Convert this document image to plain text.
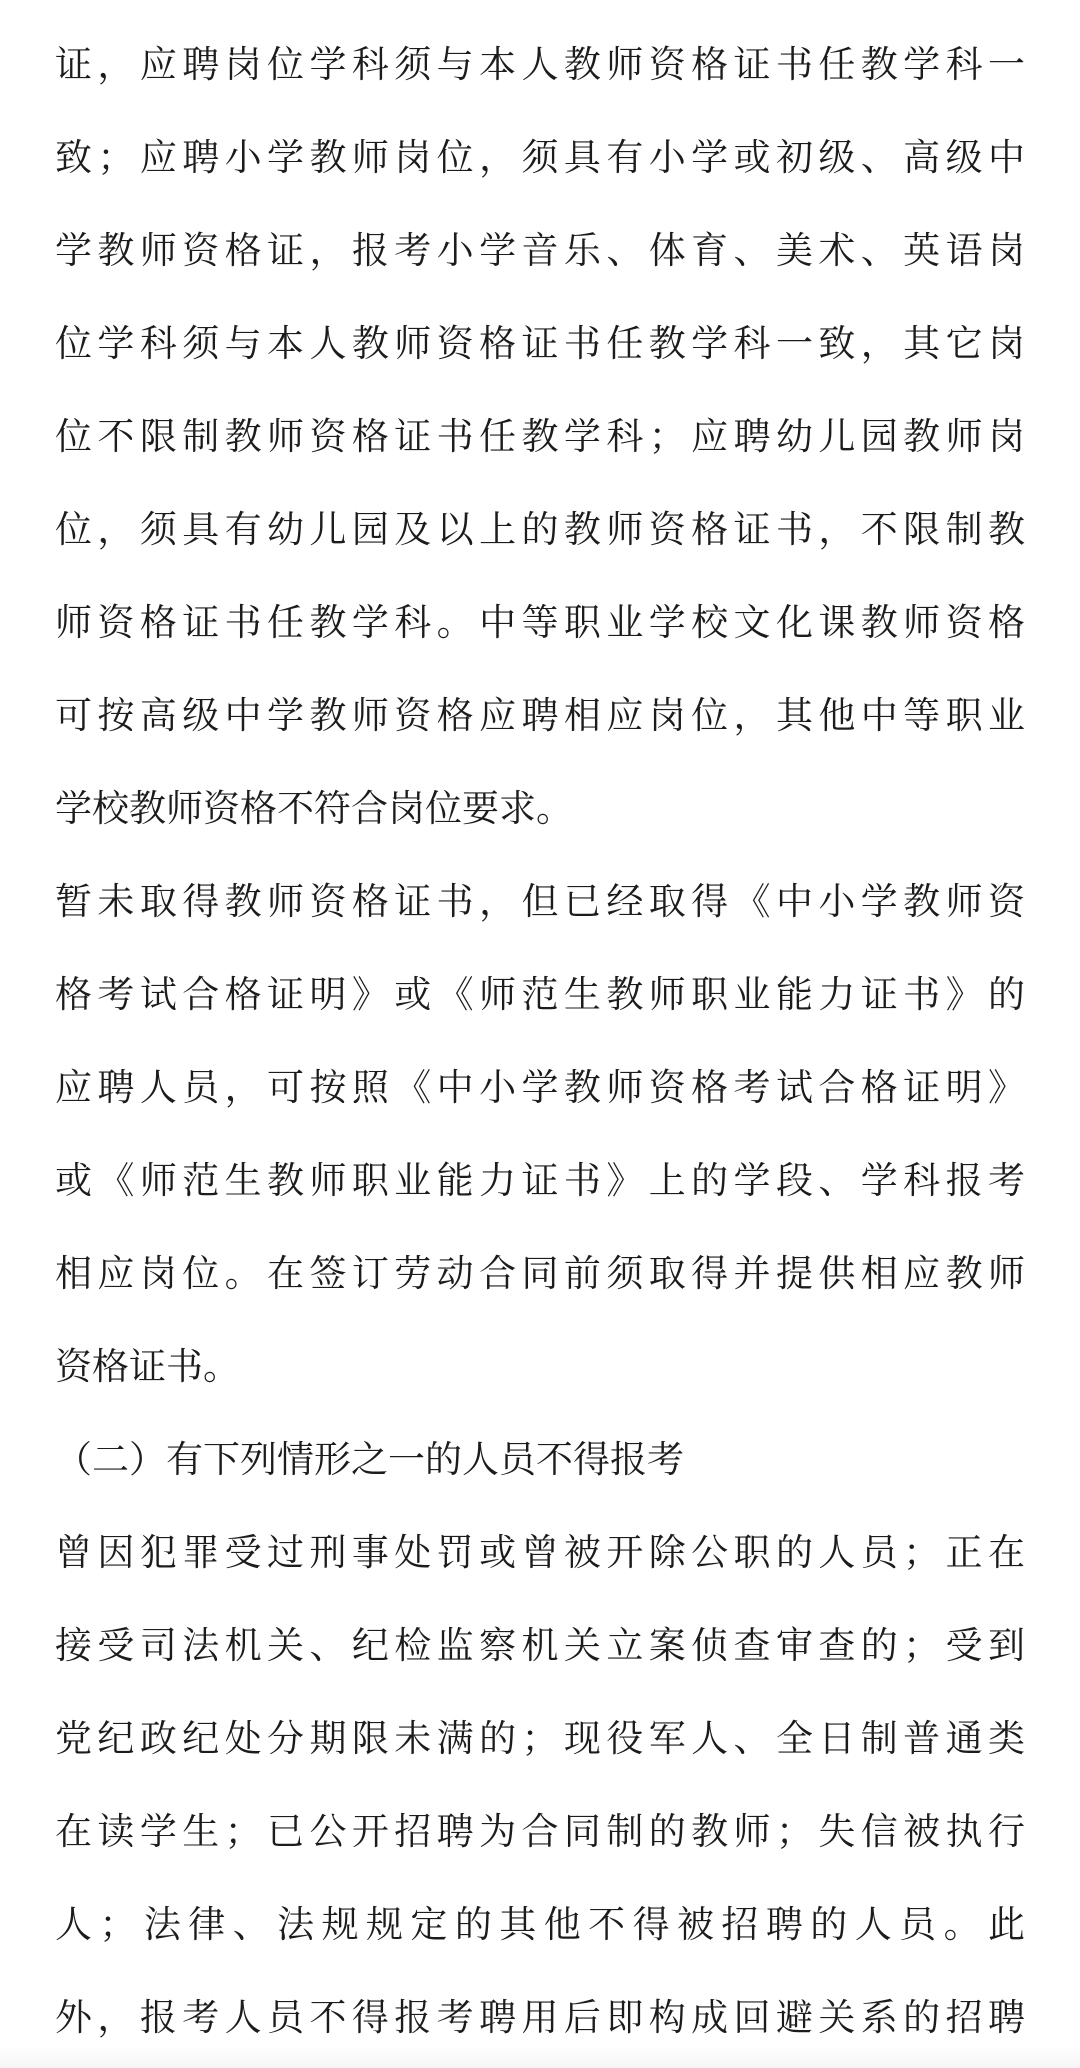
证，应聘岗位学科须与本人教师资格证书任教学科一
致；应聘小学教师岗位，须具有小学或初级、高级中
学教师资格证，报考小学音乐、体育、美术、英语岗
位学科须与本人教师资格证书任教学科一致，其它岗
位不限制教师资格证书任教学科；应聘幼儿园教师岗
位，须具有幼儿园及以上的教师资格证书，不限制教
师资格证书任教学科。中等职业学校文化课教师资格
可按高级中学教师资格应聘相应岗位，其他中等职业
学校教师资格不符合岗位要求。
暂未取得教师资格证书，但已经取得《中小学教师资
格考试合格证明》或《师范生教师职业能力证书》的
应聘人员，可按照《中小学教师资格考试合格证明》
或《师范生教师职业能力证书》上的学段、学科报考
相应岗位。在签订劳动合同前须取得并提供相应教师
资格证书。
（二）有下列情形之一的人员不得报考
曾因犯罪受过刑事处罚或曾被开除公职的人员；正在
接受司法机关、纪检监察机关立案侦查审查的；受到
党纪政纪处分期限未满的；现役军人、全日制普通类
在读学生；已公开招聘为合同制的教师；失信被执行
人；法律、法规规定的其他不得被招聘的人员。此
外，报考人员不得报考聘用后即构成回避关系的招聘
